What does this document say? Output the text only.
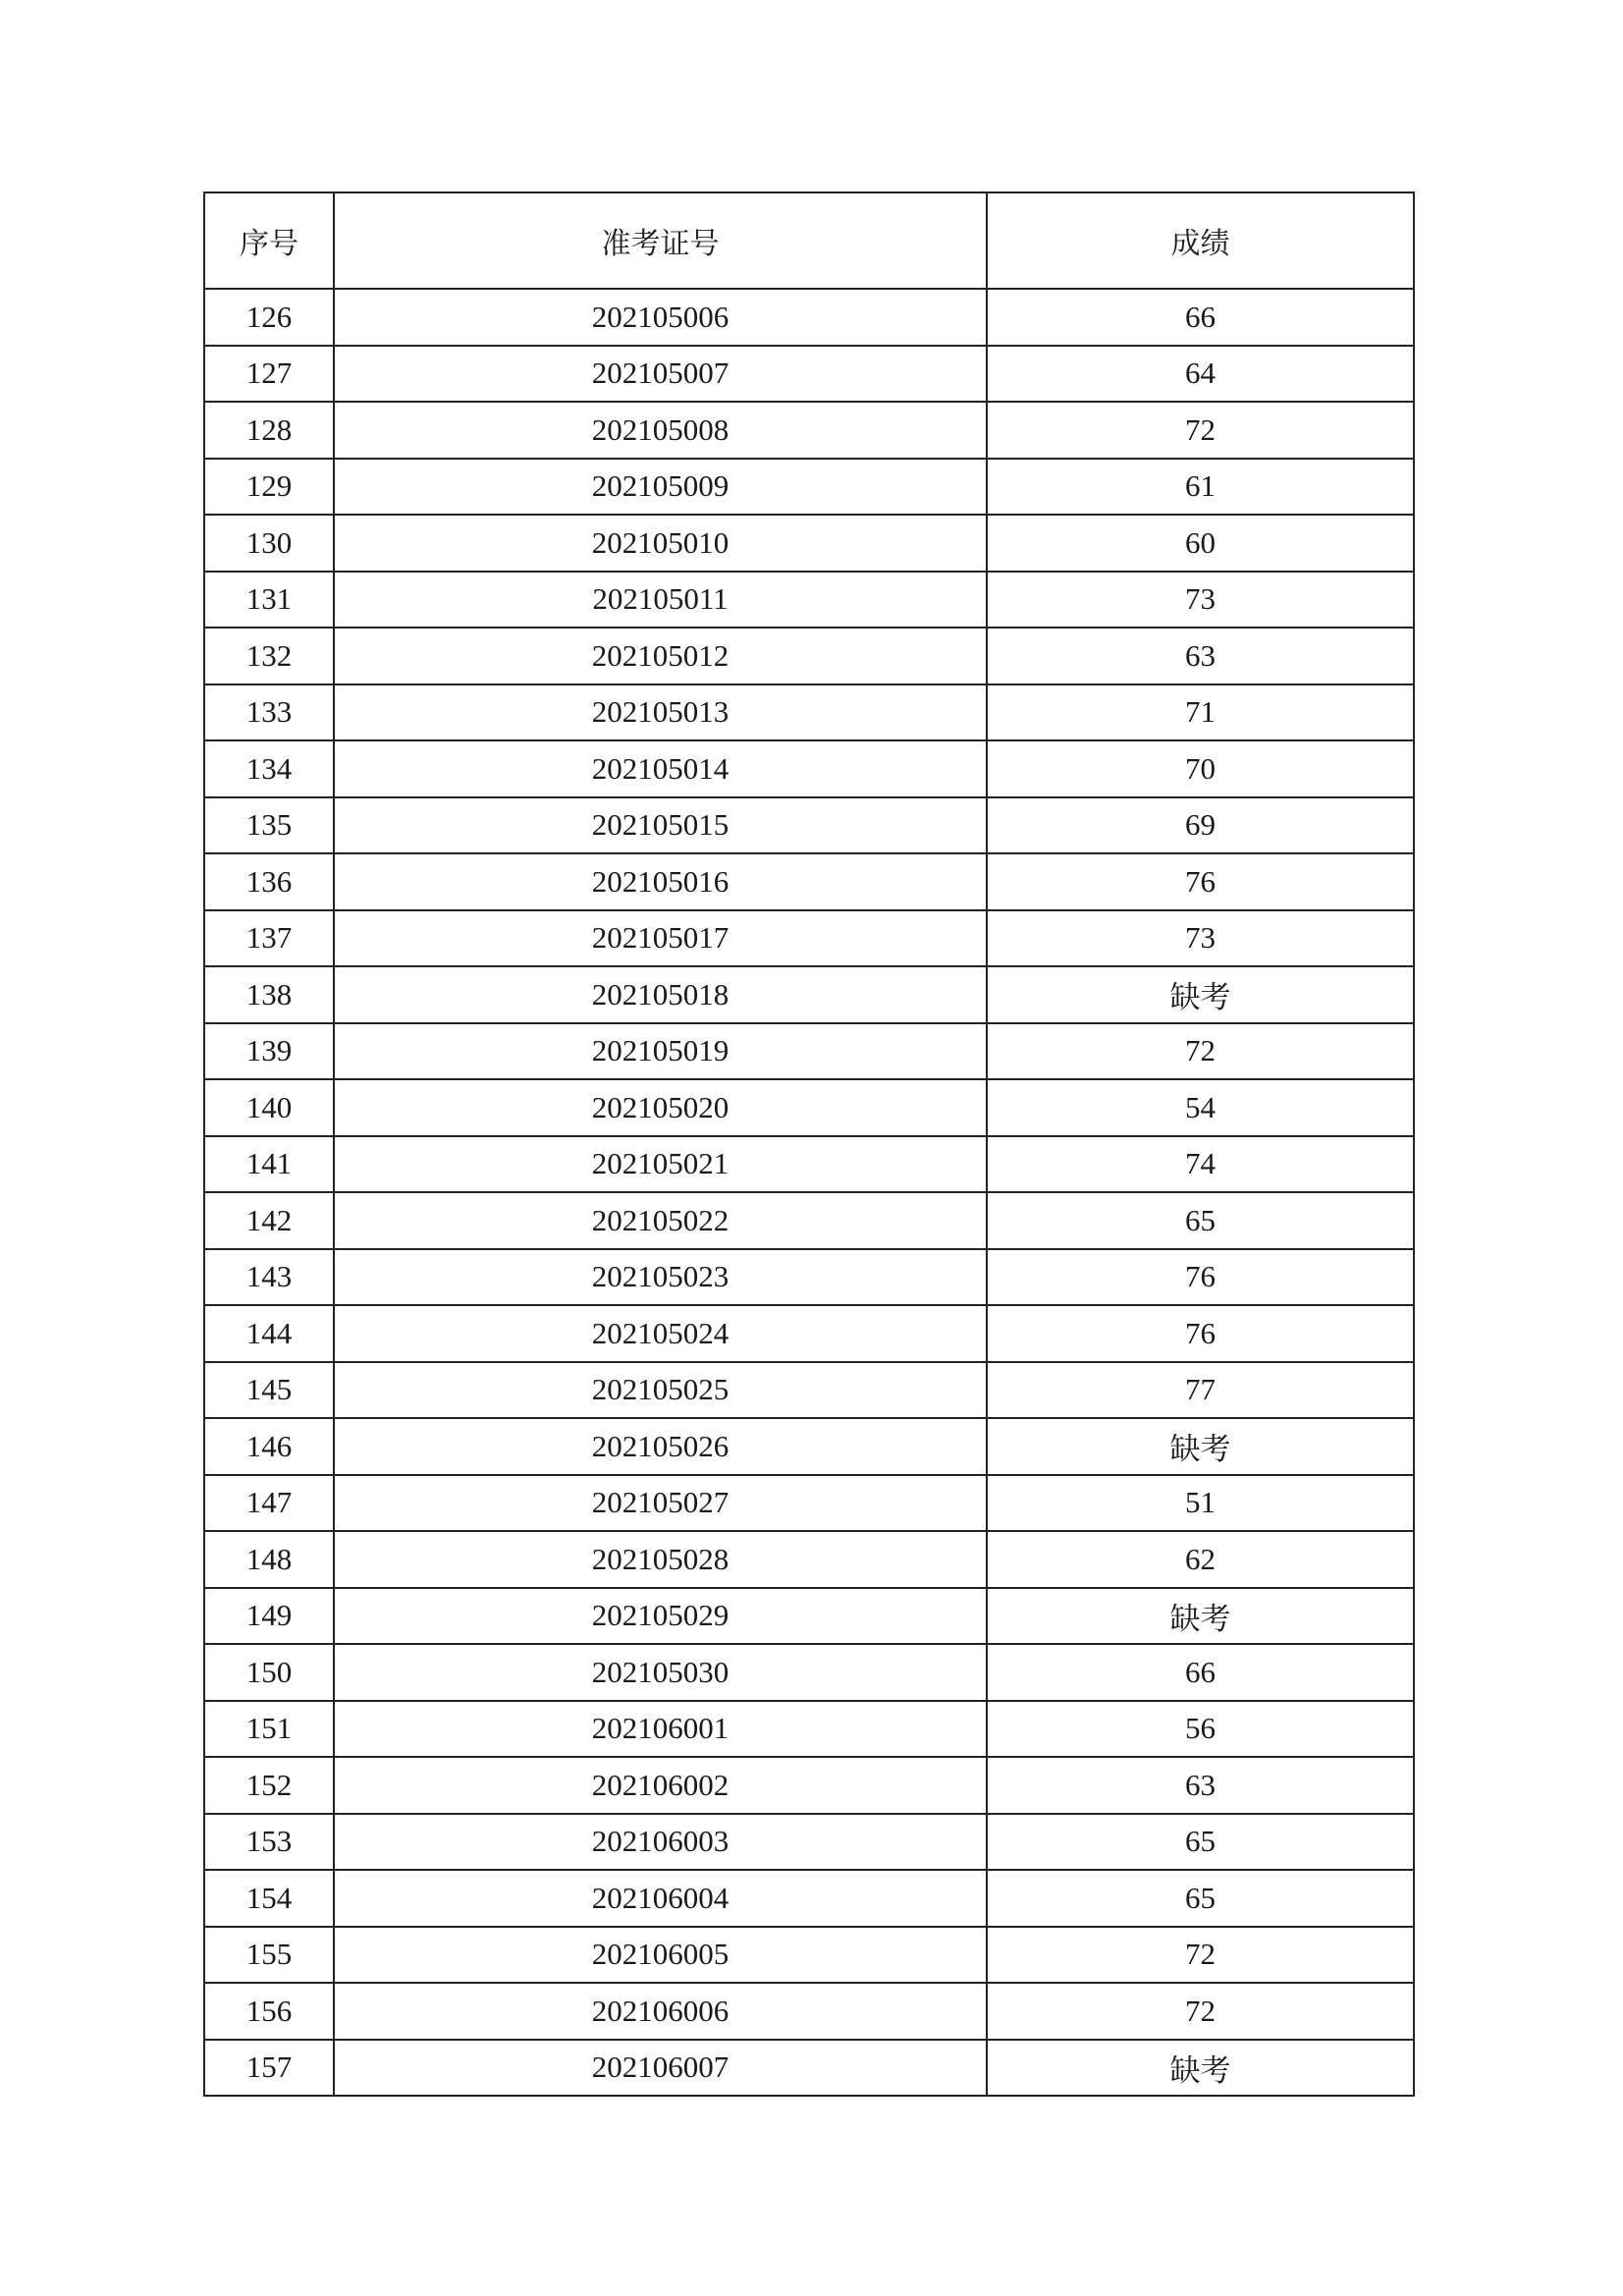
序号	准考证号	成绩
126	202105006	66
127	202105007	64
128	202105008	72
129	202105009	61
130	202105010	60
131	202105011	73
132	202105012	63
133	202105013	71
134	202105014	70
135	202105015	69
136	202105016	76
137	202105017	73
138	202105018	缺考
139	202105019	72
140	202105020	54
141	202105021	74
142	202105022	65
143	202105023	76
144	202105024	76
145	202105025	77
146	202105026	缺考
147	202105027	51
148	202105028	62
149	202105029	缺考
150	202105030	66
151	202106001	56
152	202106002	63
153	202106003	65
154	202106004	65
155	202106005	72
156	202106006	72
157	202106007	缺考
